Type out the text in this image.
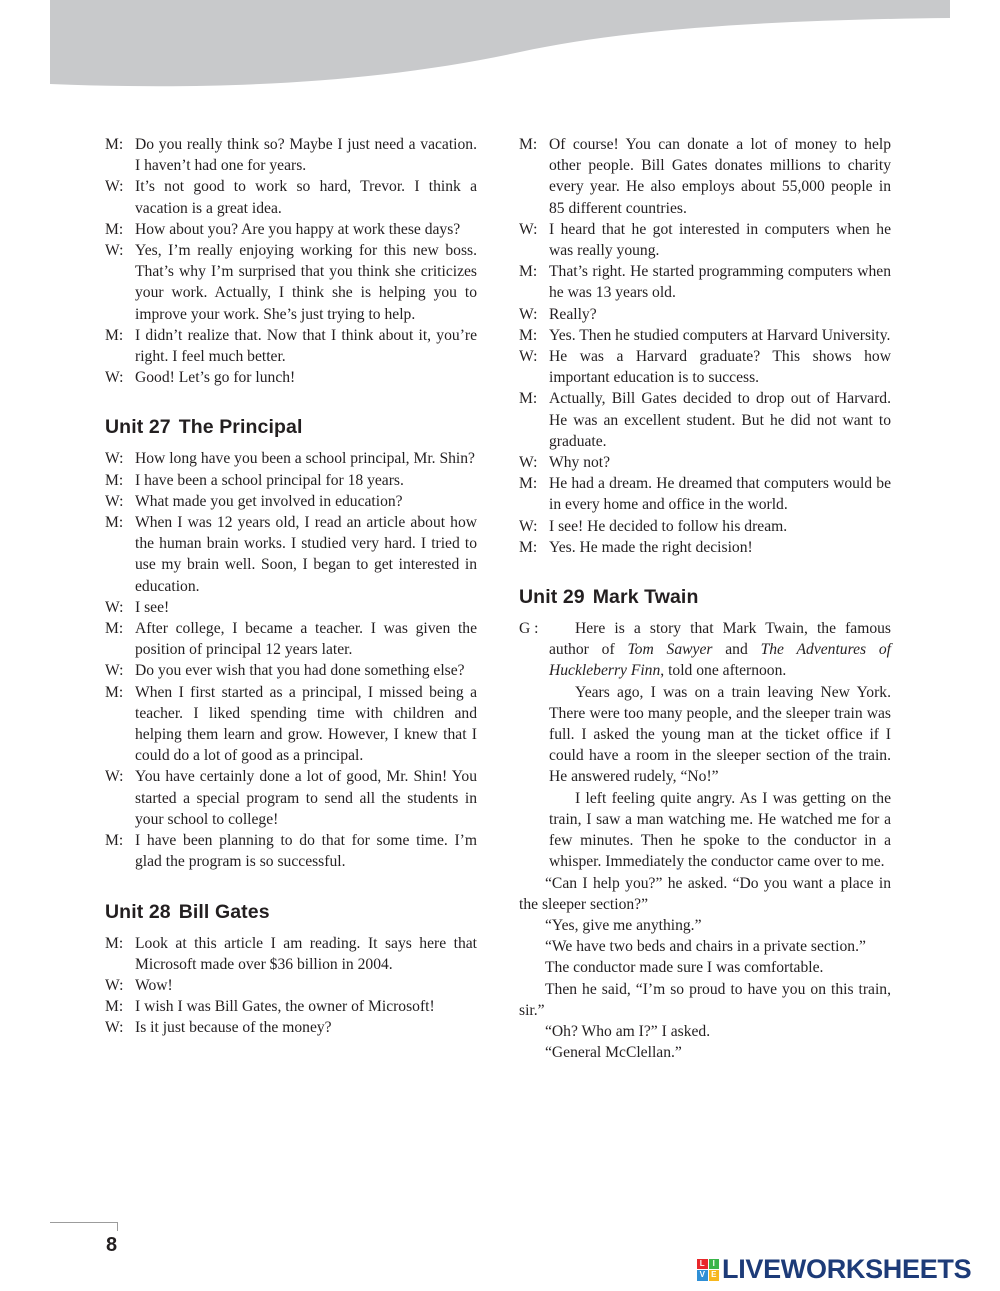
M: Do you really think so? Maybe I just need a vacation. I haven’t had one for years.
W: It’s not good to work so hard, Trevor. I think a vacation is a great idea.
M: How about you? Are you happy at work these days?
W: Yes, I’m really enjoying working for this new boss. That’s why I’m surprised that you think she criticizes your work. Actually, I think she is helping you to improve your work. She’s just trying to help.
M: I didn’t realize that. Now that I think about it, you’re right. I feel much better.
W: Good! Let’s go for lunch!
Unit 27 The Principal
W: How long have you been a school principal, Mr. Shin?
M: I have been a school principal for 18 years.
W: What made you get involved in education?
M: When I was 12 years old, I read an article about how the human brain works. I studied very hard. I tried to use my brain well. Soon, I began to get interested in education.
W: I see!
M: After college, I became a teacher. I was given the position of principal 12 years later.
W: Do you ever wish that you had done something else?
M: When I first started as a principal, I missed being a teacher. I liked spending time with children and helping them learn and grow. However, I knew that I could do a lot of good as a principal.
W: You have certainly done a lot of good, Mr. Shin! You started a special program to send all the students in your school to college!
M: I have been planning to do that for some time. I’m glad the program is so successful.
Unit 28 Bill Gates
M: Look at this article I am reading. It says here that Microsoft made over $36 billion in 2004.
W: Wow!
M: I wish I was Bill Gates, the owner of Microsoft!
W: Is it just because of the money?
M: Of course! You can donate a lot of money to help other people. Bill Gates donates millions to charity every year. He also employs about 55,000 people in 85 different countries.
W: I heard that he got interested in computers when he was really young.
M: That’s right. He started programming computers when he was 13 years old.
W: Really?
M: Yes. Then he studied computers at Harvard University.
W: He was a Harvard graduate? This shows how important education is to success.
M: Actually, Bill Gates decided to drop out of Harvard. He was an excellent student. But he did not want to graduate.
W: Why not?
M: He had a dream. He dreamed that computers would be in every home and office in the world.
W: I see! He decided to follow his dream.
M: Yes. He made the right decision!
Unit 29 Mark Twain
G :	Here is a story that Mark Twain, the famous author of Tom Sawyer and The Adventures of Huckleberry Finn, told one afternoon.

Years ago, I was on a train leaving New York. There were too many people, and the sleeper train was full. I asked the young man at the ticket office if I could have a room in the sleeper section of the train. He answered rudely, “No!”

I left feeling quite angry. As I was getting on the train, I saw a man watching me. He watched me for a few minutes. Then he spoke to the conductor in a whisper. Immediately the conductor came over to me.

“Can I help you?” he asked. “Do you want a place in the sleeper section?”

“Yes, give me anything.”

“We have two beds and chairs in a private section.”

The conductor made sure I was comfortable.

Then he said, “I’m so proud to have you on this train, sir.”

“Oh? Who am I?” I asked.

“General McClellan.”

8
L I
V E LIVEWORKSHEETS
